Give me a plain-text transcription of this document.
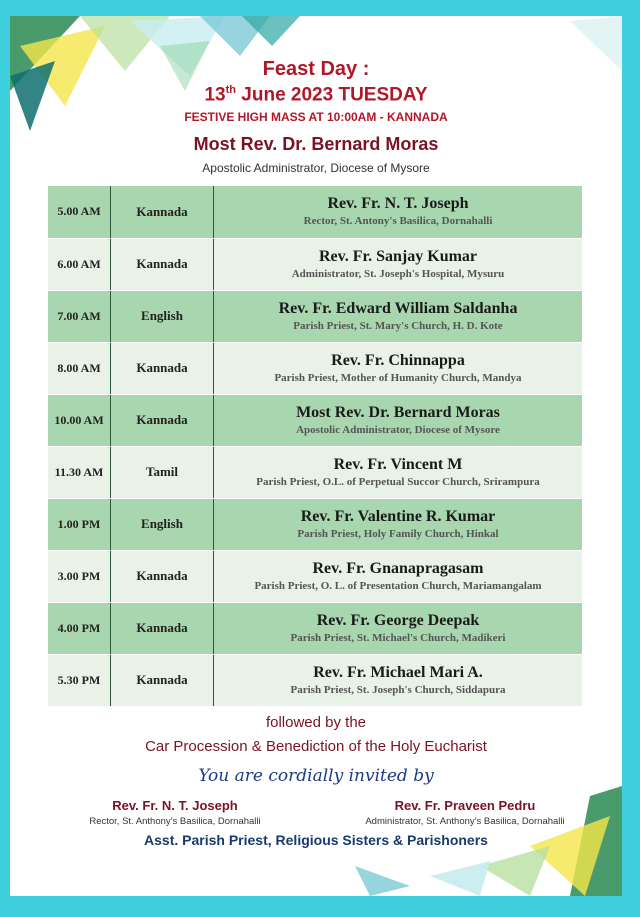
Feast Day :
13th June 2023 TUESDAY
FESTIVE HIGH MASS AT 10:00AM - KANNADA
Most Rev. Dr. Bernard Moras
Apostolic Administrator, Diocese of Mysore
5.00 AM	Kannada	Rev. Fr. N. T. Joseph
Rector, St. Antony's Basilica, Dornahalli

6.00 AM	Kannada	Rev. Fr. Sanjay Kumar
Administrator, St. Joseph's Hospital, Mysuru

7.00 AM	English	Rev. Fr. Edward William Saldanha
Parish Priest, St. Mary's Church, H. D. Kote

8.00 AM	Kannada	Rev. Fr. Chinnappa
Parish Priest, Mother of Humanity Church, Mandya

10.00 AM	Kannada	Most Rev. Dr. Bernard Moras
Apostolic Administrator, Diocese of Mysore

11.30 AM	Tamil	Rev. Fr. Vincent M
Parish Priest, O.L. of Perpetual Succor Church, Srirampura

1.00 PM	English	Rev. Fr. Valentine R. Kumar
Parish Priest, Holy Family Church, Hinkal

3.00 PM	Kannada	Rev. Fr. Gnanapragasam
Parish Priest, O. L. of Presentation Church, Mariamangalam

4.00 PM	Kannada	Rev. Fr. George Deepak
Parish Priest, St. Michael's Church, Madikeri

5.30 PM	Kannada	Rev. Fr. Michael Mari A.
Parish Priest, St. Joseph's Church, Siddapura
followed by the
Car Procession & Benediction of the Holy Eucharist
You are cordially invited by
Rev. Fr. N. T. Joseph
Rector, St. Anthony's Basilica, Dornahalli
Rev. Fr. Praveen Pedru
Administrator, St. Anthony's Basilica, Dornahalli
Asst. Parish Priest, Religious Sisters & Parishoners
